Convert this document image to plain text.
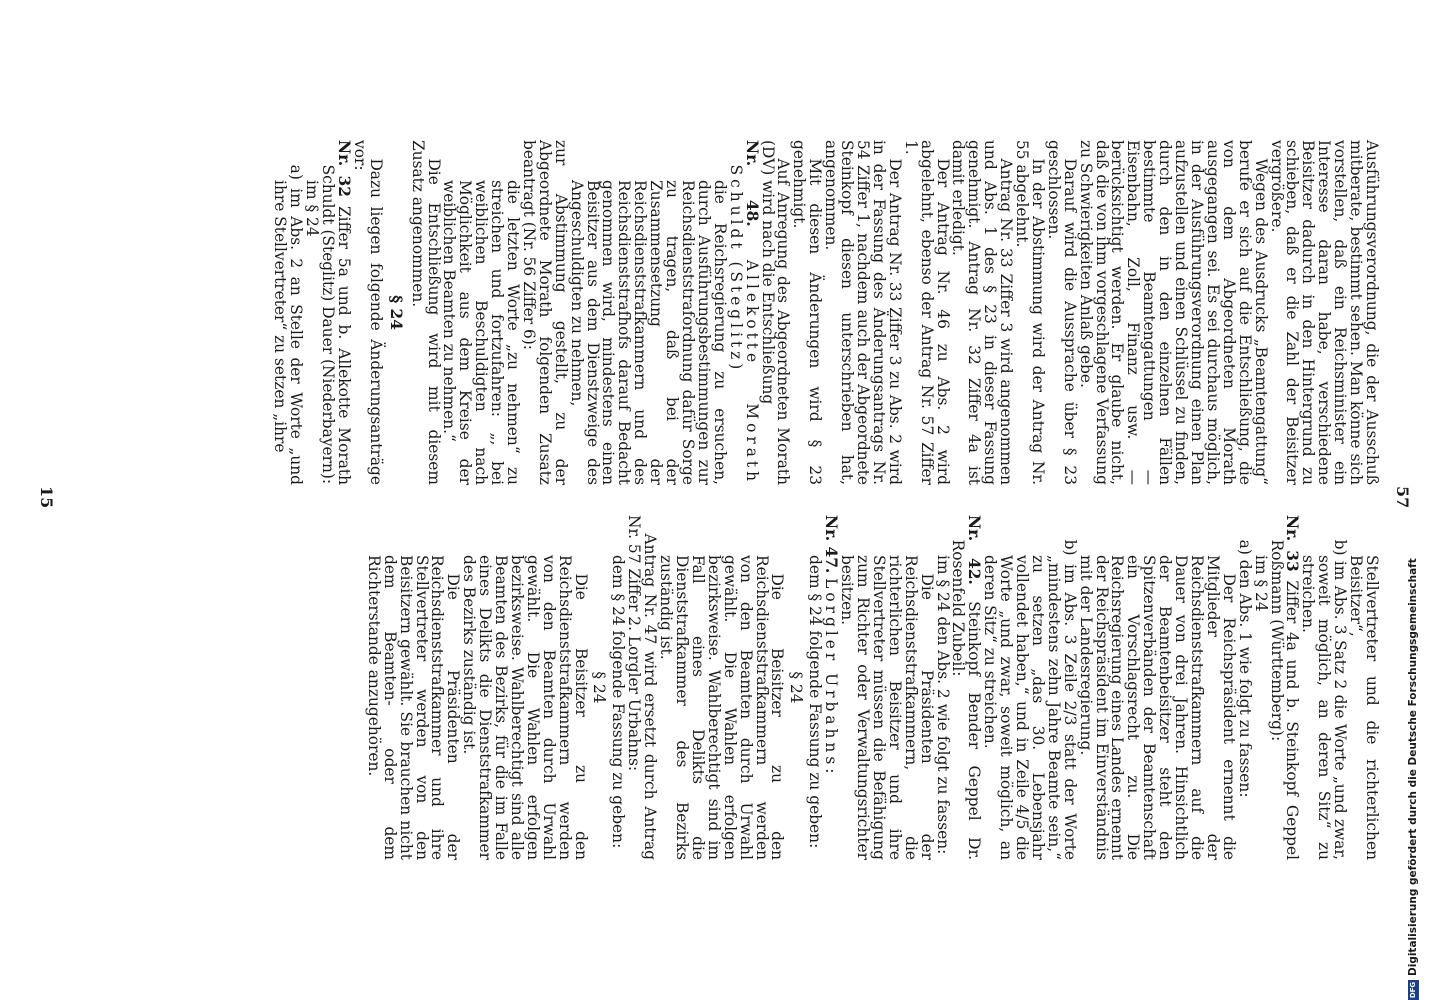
57
15

Ausführungsverordnung, die der Ausschuß mitberate, bestimmt sehen. Man könne sich vorstellen, daß ein Reichsminister ein Interesse daran habe, verschiedene Beisitzer dadurch in den Hintergrund zu schieben, daß er die Zahl der Beisitzer vergrößere.

Wegen des Ausdrucks „Beamtengattung“ berufe er sich auf die Entschließung, die von dem Abgeordneten Morath ausgegangen sei. Es sei durchaus möglich, in der Ausführungsverordnung einen Plan aufzustellen und einen Schlüssel zu finden, durch den in den einzelnen Fällen bestimmte Beamtengattungen — Eisenbahn, Zoll, Finanz usw. — berücksichtigt werden. Er glaube nicht, daß die von ihm vorgeschlagene Verfassung zu Schwierigkeiten Anlaß gebe.

Darauf wird die Aussprache über § 23 geschlossen.

In der Abstimmung wird der Antrag Nr. 55 abgelehnt.

Antrag Nr. 33 Ziffer 3 wird angenommen und Abs. 1 des § 23 in dieser Fassung genehmigt. Antrag Nr. 32 Ziffer 4a ist damit erledigt.

Der Antrag Nr. 46 zu Abs. 2 wird abgelehnt, ebenso der Antrag Nr. 57 Ziffer 1.

Der Antrag Nr. 33 Ziffer 3 zu Abs. 2 wird in der Fassung des Änderungsantrags Nr. 54 Ziffer 1, nachdem auch der Abgeordnete Steinkopf diesen unterschrieben hat, angenommen.

Mit diesen Änderungen wird § 23 genehmigt.

Auf Anregung des Abgeordneten Morath (DV) wird nach die Entschließung

Nr. 48. Allekotte Morath Schuldt (Steglitz)

die Reichsregierung zu ersuchen, durch Ausführungsbestimmungen zur Reichsdienststrafordnung dafür Sorge zu tragen, daß bei der Zusammensetzung der Reichsdienststrafkammern und des Reichsdienststrafhofs darauf Bedacht genommen wird, mindestens einen Beisitzer aus dem Dienstzweige des Angeschuldigten zu nehmen,

zur Abstimmung gestellt, zu der Abgeordnete Morath folgenden Zusatz beantragt (Nr. 56 Ziffer 6):

die letzten Worte „zu nehmen“ zu streichen und fortzufahren: „, bei weiblichen Beschuldigten nach Möglichkeit aus dem Kreise der weiblichen Beamten zu nehmen.“

Die Entschließung wird mit diesem Zusatz angenommen.

§ 24

Dazu liegen folgende Änderungsanträge vor:

Nr. 32 Ziffer 5a und b. Allekotte Morath Schuldt (Steglitz) Dauer (Niederbayern):

im § 24

a) im Abs. 2 an Stelle der Worte „und ihre Stellvertreter“ zu setzen „ihre

Stellvertreter und die richterlichen Beisitzer“,

b) im Abs. 3 Satz 2 die Worte „und zwar, soweit möglich, an deren Sitz“ zu streichen.

Nr. 33 Ziffer 4a und b. Steinkopf Geppel Roßmann (Württemberg):

im § 24

a) den Abs. 1 wie folgt zu fassen:

Der Reichspräsident ernennt die Mitglieder der Reichsdienststrafkammern auf die Dauer von drei Jahren. Hinsichtlich der Beamtenbeisitzer steht den Spitzenverbänden der Beamtenschaft ein Vorschlagsrecht zu. Die Reichsregierung eines Landes ernennt der Reichspräsident im Einverständnis mit der Landesregierung.

b) im Abs. 3 Zeile 2/3 statt der Worte „mindestens zehn Jahre Beamte sein,“ zu setzen „das 30. Lebensjahr vollendet haben,“ und in Zeile 4/5 die Worte „und zwar, soweit möglich, an deren Sitz“ zu streichen.

Nr. 42. Steinkopf Bender Geppel Dr. Rosenfeld Zubeil:

im § 24 den Abs. 2 wie folgt zu fassen:

Die Präsidenten der Reichsdienststrafkammern, die richterlichen Beisitzer und ihre Stellvertreter müssen die Befähigung zum Richter oder Verwaltungsrichter besitzen.

Nr. 47. Lorgler Urbahns:

dem § 24 folgende Fassung zu geben:

§ 24

Die Beisitzer zu den Reichsdienststrafkammern werden von den Beamten durch Urwahl gewählt. Die Wahlen erfolgen bezirksweise. Wahlberechtigt sind im Fall eines Delikts die Dienststrafkammer des Bezirks zuständig ist.

Antrag Nr. 47 wird ersetzt durch Antrag Nr. 57 Ziffer 2. Lorgler Urbahns:

dem § 24 folgende Fassung zu geben:

§ 24

Die Beisitzer zu den Reichsdienststrafkammern werden von den Beamten durch Urwahl gewählt. Die Wahlen erfolgen bezirksweise. Wahlberechtigt sind alle Beamten des Bezirks, für die im Falle eines Delikts die Dienststrafkammer des Bezirks zuständig ist.

Die Präsidenten der Reichsdienststrafkammer und ihre Stellvertreter werden von den Beisitzern gewählt. Sie brauchen nicht dem Beamten- oder dem Richterstande anzugehören.

DFGDigitalisierung gefördert durch die Deutsche Forschungsgemeinschaft
